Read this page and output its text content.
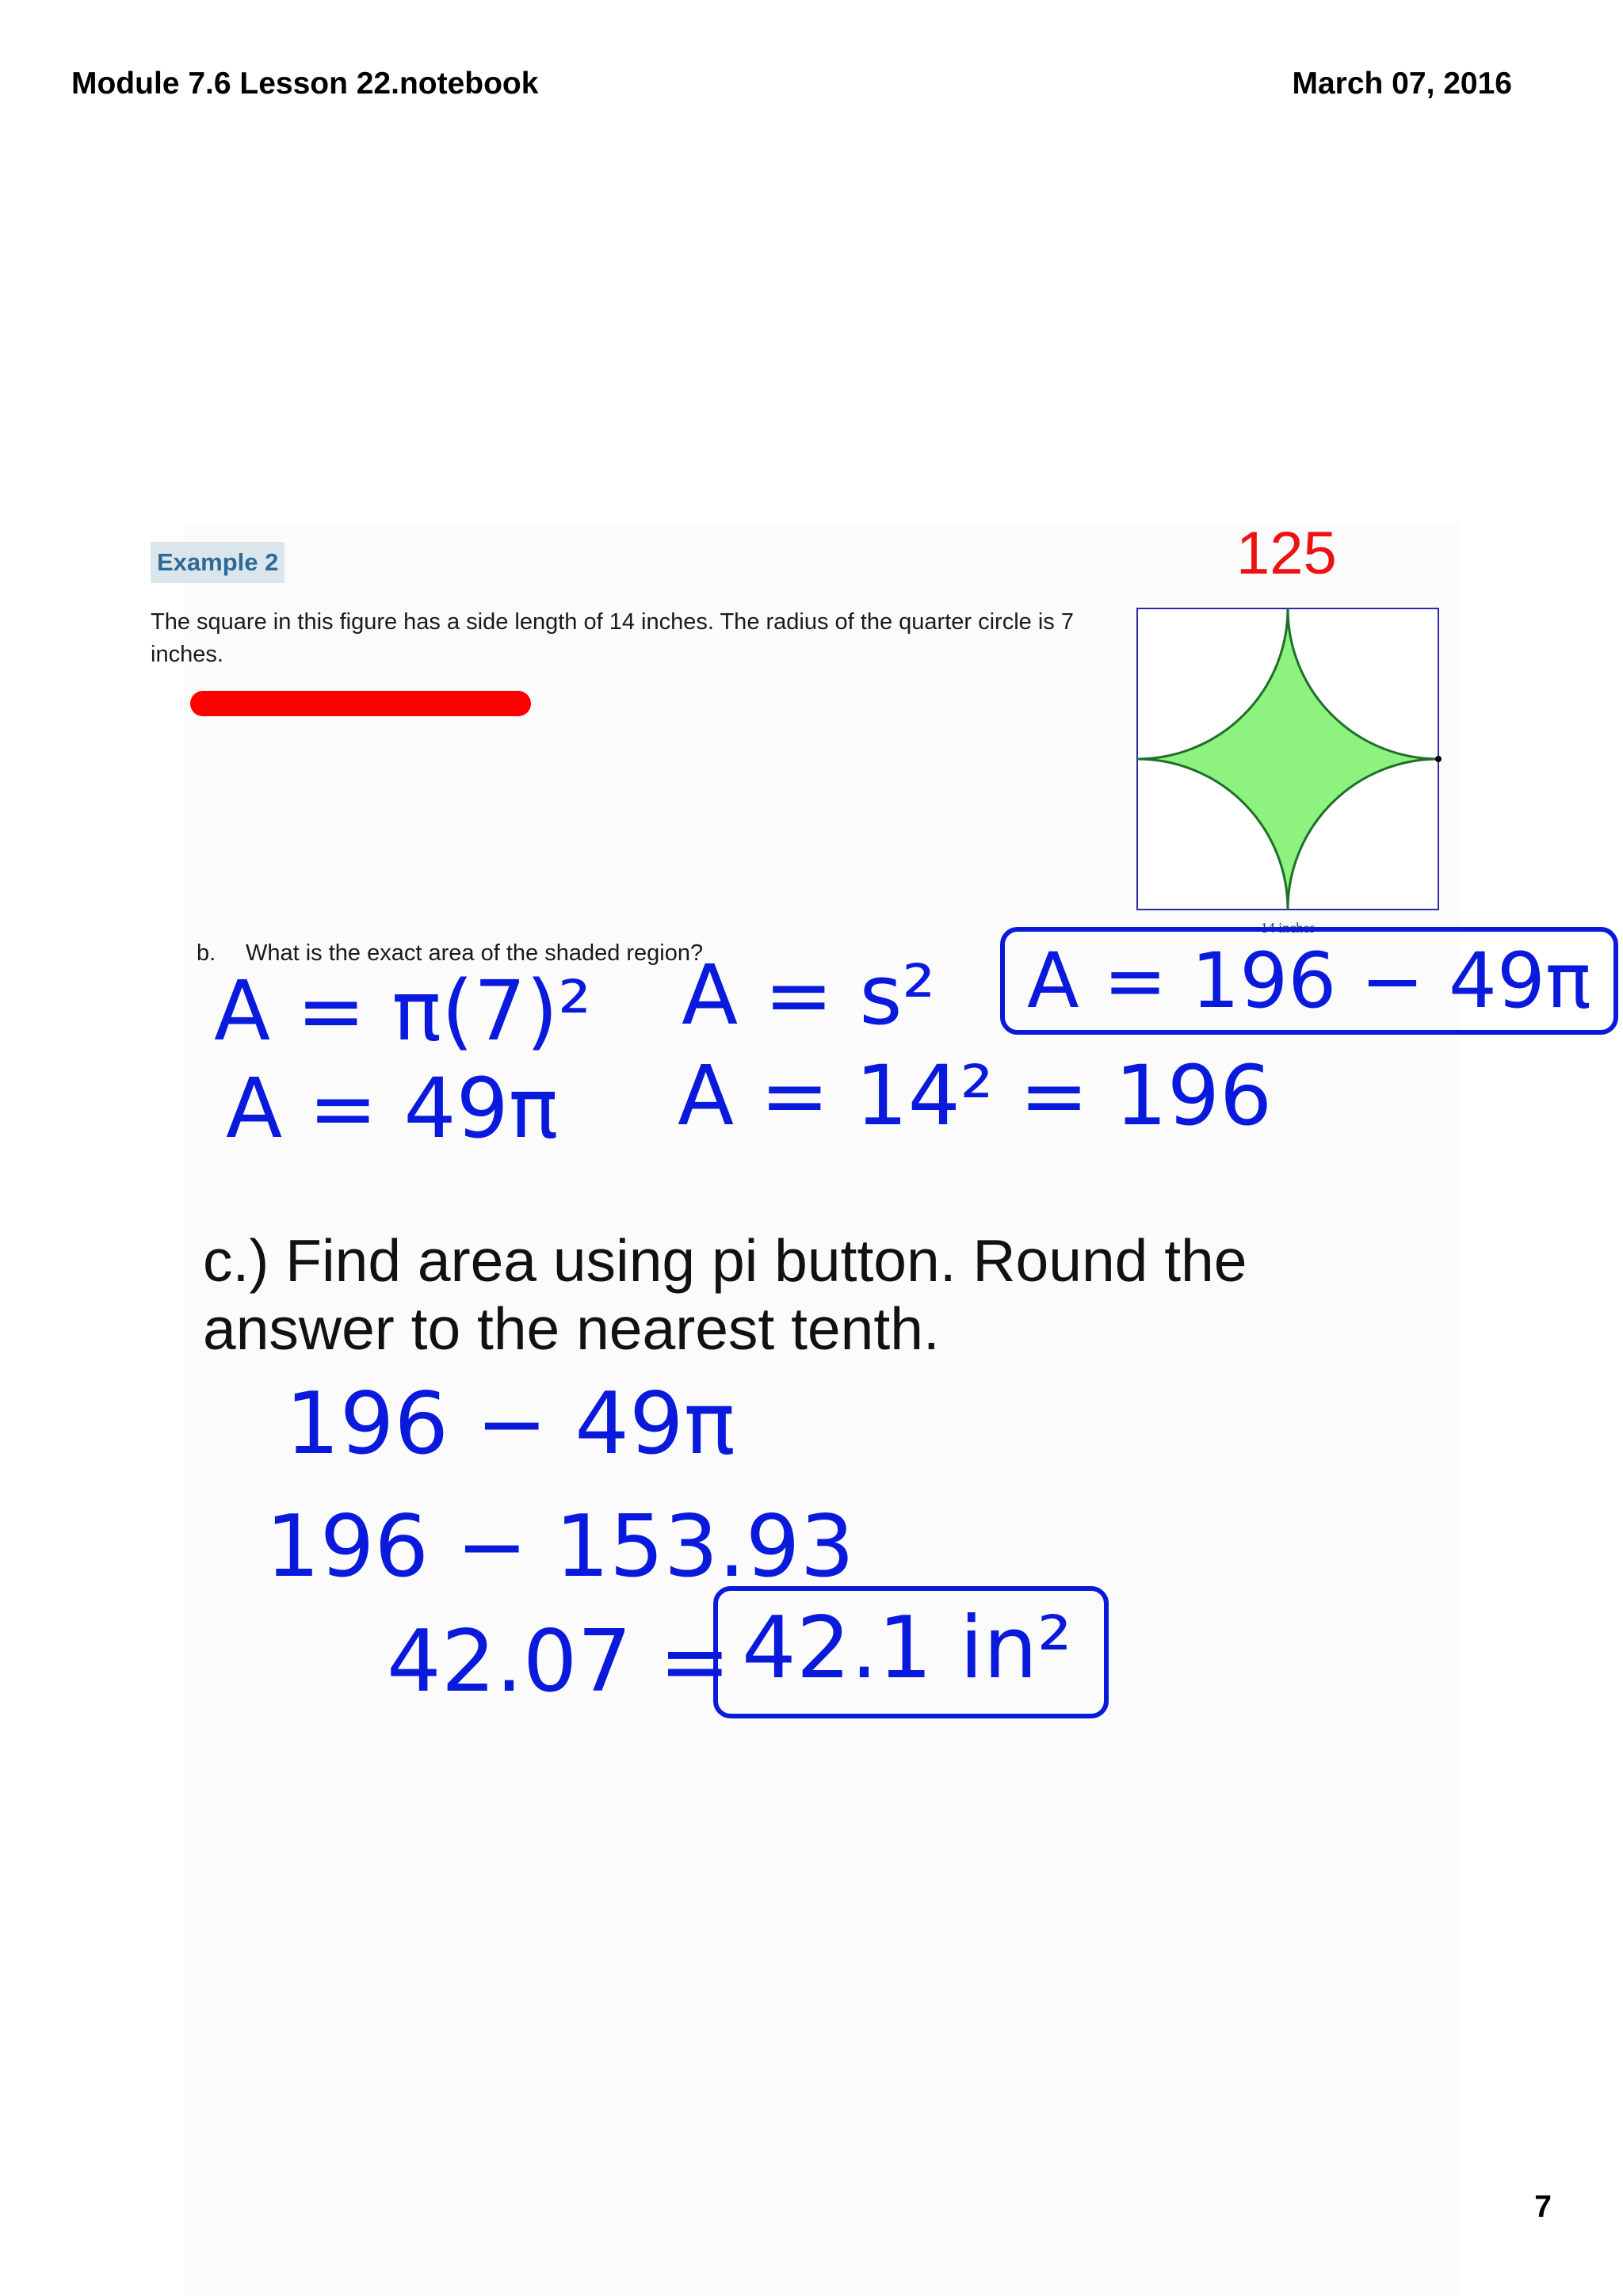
Module 7.6 Lesson 22.notebook	March 07, 2016
125
Example 2
The square in this figure has a side length of 14 inches. The radius of the quarter circle is 7 inches.
14 inches
b. What is the exact area of the shaded region?
A = π(7)² A = s²	A = 196 − 49π
A = 49π A = 14² = 196
c.) Find area using pi button. Round the answer to the nearest tenth.
196 − 49π
196 − 153.93
42.07 = 42.1 in²
7
